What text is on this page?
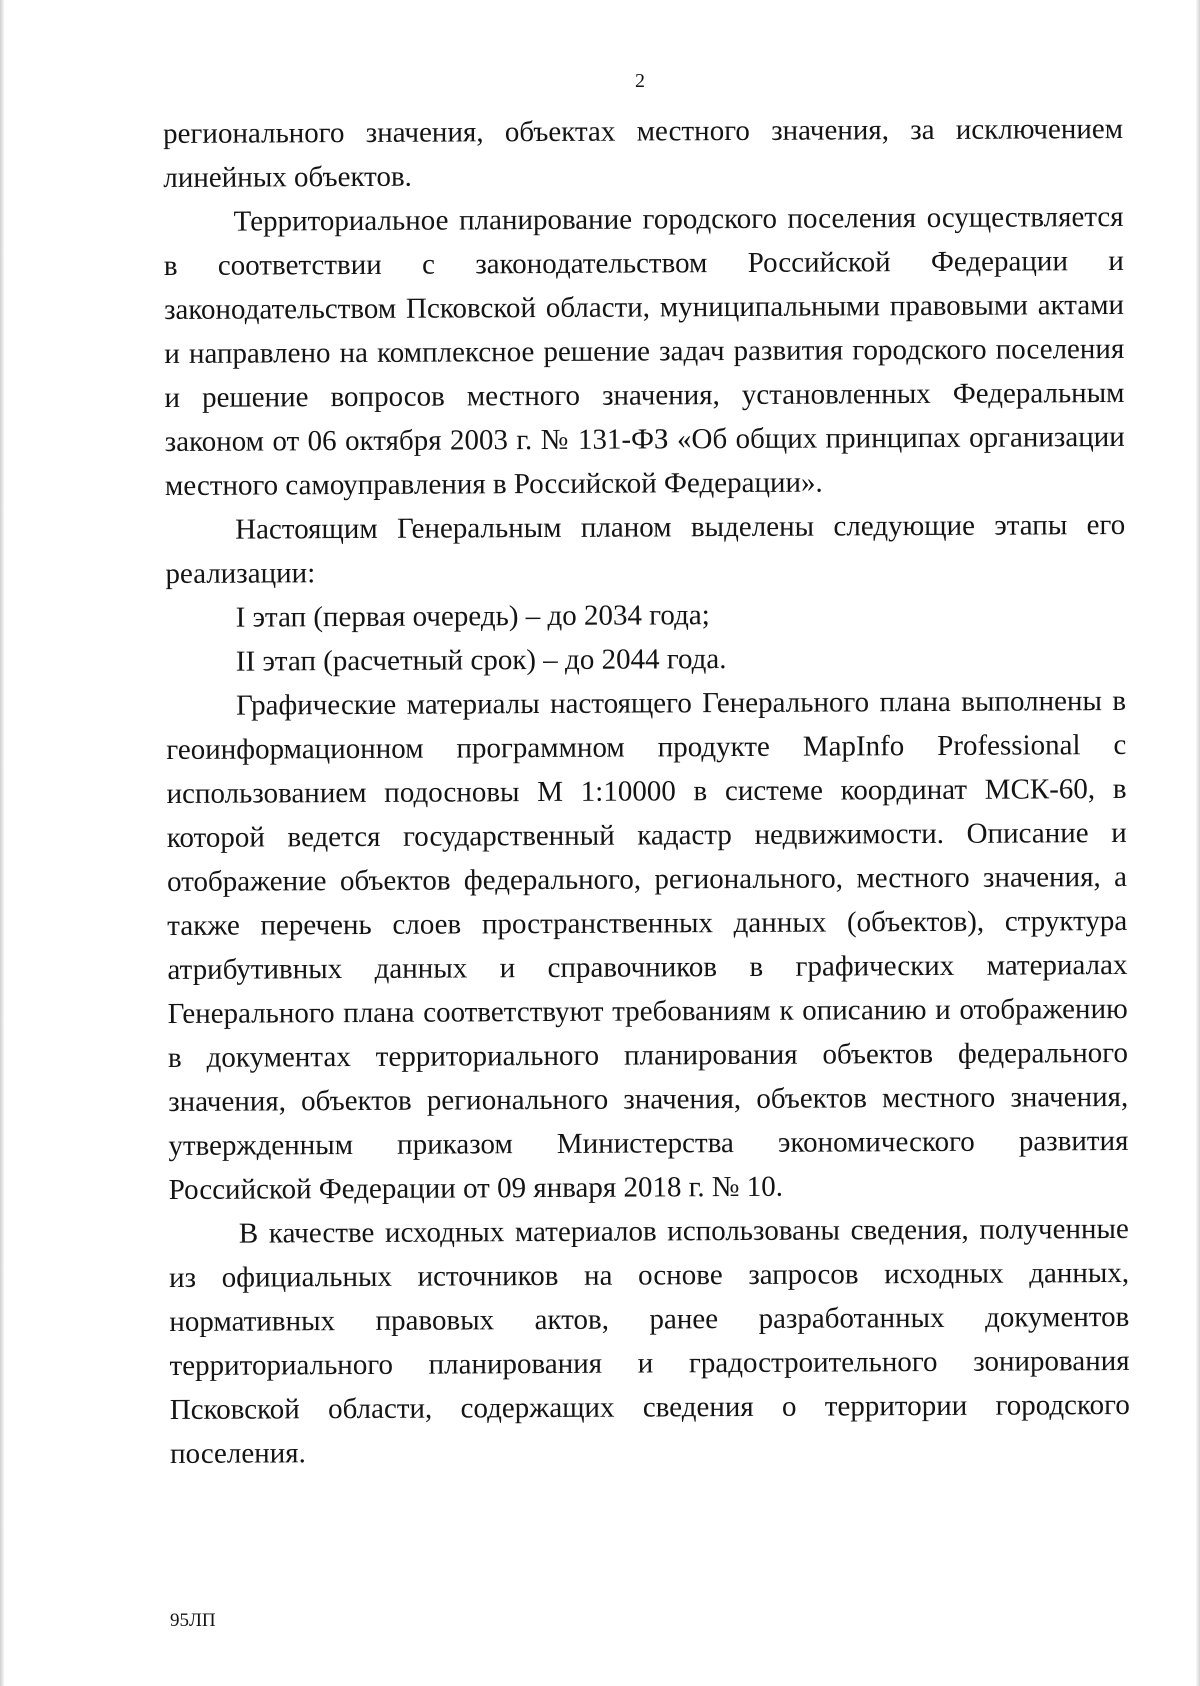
2

регионального значения, объектах местного значения, за исключением линейных объектов.

Территориальное планирование городского поселения осуществляется в соответствии с законодательством Российской Федерации и законодательством Псковской области, муниципальными правовыми актами и направлено на комплексное решение задач развития городского поселения и решение вопросов местного значения, установленных Федеральным законом от 06 октября 2003 г. № 131-ФЗ «Об общих принципах организации местного самоуправления в Российской Федерации».

Настоящим Генеральным планом выделены следующие этапы его реализации:

I этап (первая очередь) – до 2034 года;

II этап (расчетный срок) – до 2044 года.

Графические материалы настоящего Генерального плана выполнены в геоинформационном программном продукте MapInfo Professional с использованием подосновы М 1:10000 в системе координат МСК-60, в которой ведется государственный кадастр недвижимости. Описание и отображение объектов федерального, регионального, местного значения, а также перечень слоев пространственных данных (объектов), структура атрибутивных данных и справочников в графических материалах Генерального плана соответствуют требованиям к описанию и отображению в документах территориального планирования объектов федерального значения, объектов регионального значения, объектов местного значения, утвержденным приказом Министерства экономического развития Российской Федерации от 09 января 2018 г. № 10.

В качестве исходных материалов использованы сведения, полученные из официальных источников на основе запросов исходных данных, нормативных правовых актов, ранее разработанных документов территориального планирования и градостроительного зонирования Псковской области, содержащих сведения о территории городского поселения.

95ЛП
